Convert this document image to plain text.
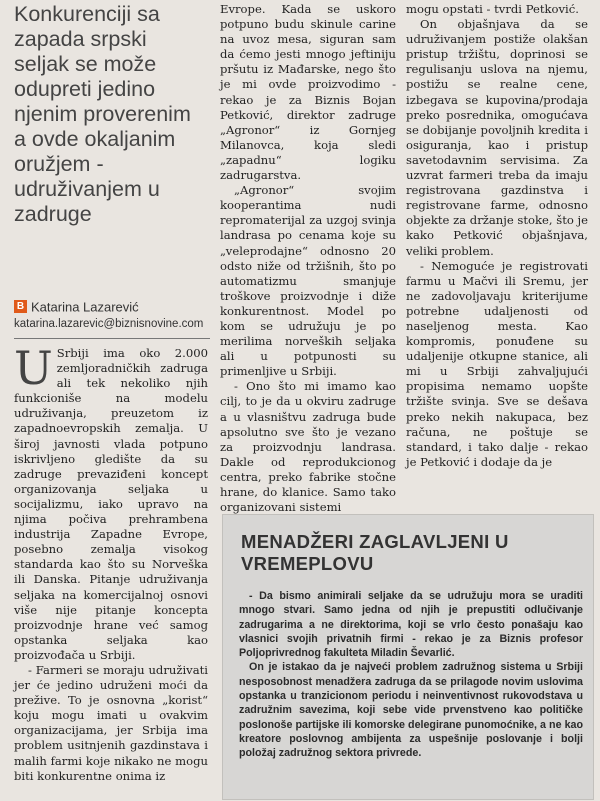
Konkurenciji sa zapada srpski seljak se može odupreti jedino njenim proverenim a ovde okaljanim oružjem - udruživanjem u zadruge
B Katarina Lazarević
katarina.lazarevic@biznisnovine.com

U Srbiji ima oko 2.000 zemljoradničkih zadruga ali tek nekoliko njih funkcioniše na modelu udruživanja, preuzetom iz zapadnoevropskih zemalja. U široj javnosti vlada potpuno iskrivljeno gledište da su zadruge prevaziđeni koncept organizovanja seljaka u socijalizmu, iako upravo na njima počiva prehrambena industrija Zapadne Evrope, posebno zemalja visokog standarda kao što su Norveška ili Danska. Pitanje udruživanja seljaka na komercijalnoj osnovi više nije pitanje koncepta proizvodnje hrane već samog opstanka seljaka kao proizvođača u Srbiji.

- Farmeri se moraju udruživati jer će jedino udruženi moći da prežive. To je osnovna „korist“ koju mogu imati u ovakvim organizacijama, jer Srbija ima problem usitnjenih gazdinstava i malih farmi koje nikako ne mogu biti konkurentne onima iz

Evrope. Kada se uskoro potpuno budu skinule carine na uvoz mesa, siguran sam da ćemo jesti mnogo jeftiniju pršutu iz Mađarske, nego što je mi ovde proizvodimo - rekao je za Biznis Bojan Petković, direktor zadruge „Agronor“ iz Gornjeg Milanovca, koja sledi „zapadnu“ logiku zadrugarstva.

„Agronor“ svojim kooperantima nudi repromaterijal za uzgoj svinja landrasa po cenama koje su „veleprodajne“ odnosno 20 odsto niže od tržišnih, što po automatizmu smanjuje troškove proizvodnje i diže konkurentnost. Model po kom se udružuju je po merilima norveških seljaka ali u potpunosti su primenljive u Srbiji.

- Ono što mi imamo kao cilj, to je da u okviru zadruge a u vlasništvu zadruga bude apsolutno sve što je vezano za proizvodnju landrasa. Dakle od reprodukcionog centra, preko fabrike stočne hrane, do klanice. Samo tako organizovani sistemi

mogu opstati - tvrdi Petković.

On objašnjava da se udruživanjem postiže olakšan pristup tržištu, doprinosi se regulisanju uslova na njemu, postižu se realne cene, izbegava se kupovina/prodaja preko posrednika, omogućava se dobijanje povoljnih kredita i osiguranja, kao i pristup savetodavnim servisima. Za uzvrat farmeri treba da imaju registrovana gazdinstva i registrovane farme, odnosno objekte za držanje stoke, što je kako Petković objašnjava, veliki problem.

- Nemoguće je registrovati farmu u Mačvi ili Sremu, jer ne zadovoljavaju kriterijume potrebne udaljenosti od naseljenog mesta. Kao kompromis, ponuđene su udaljenije otkupne stanice, ali mi u Srbiji zahvaljujući propisima nemamo uopšte tržište svinja. Sve se dešava preko nekih nakupaca, bez računa, ne poštuje se standard, i tako dalje - rekao je Petković i dodaje da je

MENADŽERI ZAGLAVLJENI U VREMEPLOVU

- Da bismo animirali seljake da se udružuju mora se uraditi mnogo stvari. Samo jedna od njih je prepustiti odlučivanje zadrugarima a ne direktorima, koji se vrlo često ponašaju kao vlasnici svojih privatnih firmi - rekao je za Biznis profesor Poljoprivrednog fakulteta Miladin Ševarlić.

On je istakao da je najveći problem zadružnog sistema u Srbiji nesposobnost menadžera zadruga da se prilagode novim uslovima opstanka u tranzicionom periodu i neinventivnost rukovodstava u zadružnim savezima, koji sebe vide prvenstveno kao političke poslonoše partijske ili komorske delegirane punomoćnike, a ne kao kreatore poslovnog ambijenta za uspešnije poslovanje i bolji položaj zadružnog sektora privrede.
